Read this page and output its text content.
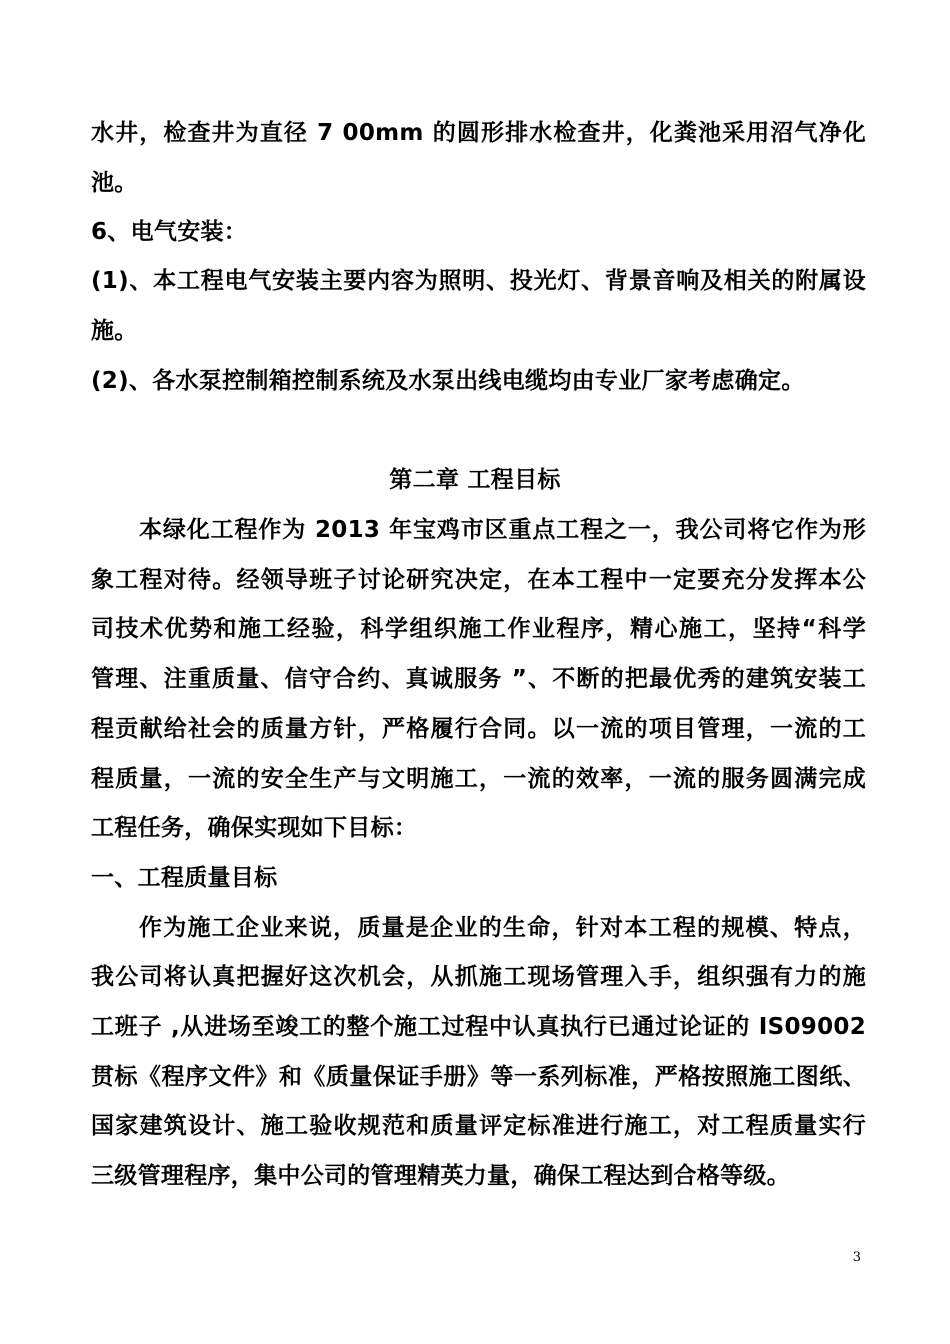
水井，检查井为直径 7 00mm 的圆形排水检查井，化粪池采用沼气净化
池。
6、电气安装：
(1)、本工程电气安装主要内容为照明、投光灯、背景音响及相关的附属设
施。
(2)、各水泵控制箱控制系统及水泵出线电缆均由专业厂家考虑确定。
第二章 工程目标
本绿化工程作为 2013 年宝鸡市区重点工程之一，我公司将它作为形
象工程对待。经领导班子讨论研究决定，在本工程中一定要充分发挥本公
司技术优势和施工经验，科学组织施工作业程序，精心施工，坚持“科学
管理、注重质量、信守合约、真诚服务 ”、不断的把最优秀的建筑安装工
程贡献给社会的质量方针，严格履行合同。以一流的项目管理，一流的工
程质量，一流的安全生产与文明施工，一流的效率，一流的服务圆满完成
工程任务，确保实现如下目标：
一、工程质量目标
作为施工企业来说，质量是企业的生命，针对本工程的规模、特点，
我公司将认真把握好这次机会，从抓施工现场管理入手，组织强有力的施
工班子 ,从进场至竣工的整个施工过程中认真执行已通过论证的 IS09002
贯标《程序文件》和《质量保证手册》等一系列标准，严格按照施工图纸、
国家建筑设计、施工验收规范和质量评定标准进行施工，对工程质量实行
三级管理程序，集中公司的管理精英力量，确保工程达到合格等级。
3
